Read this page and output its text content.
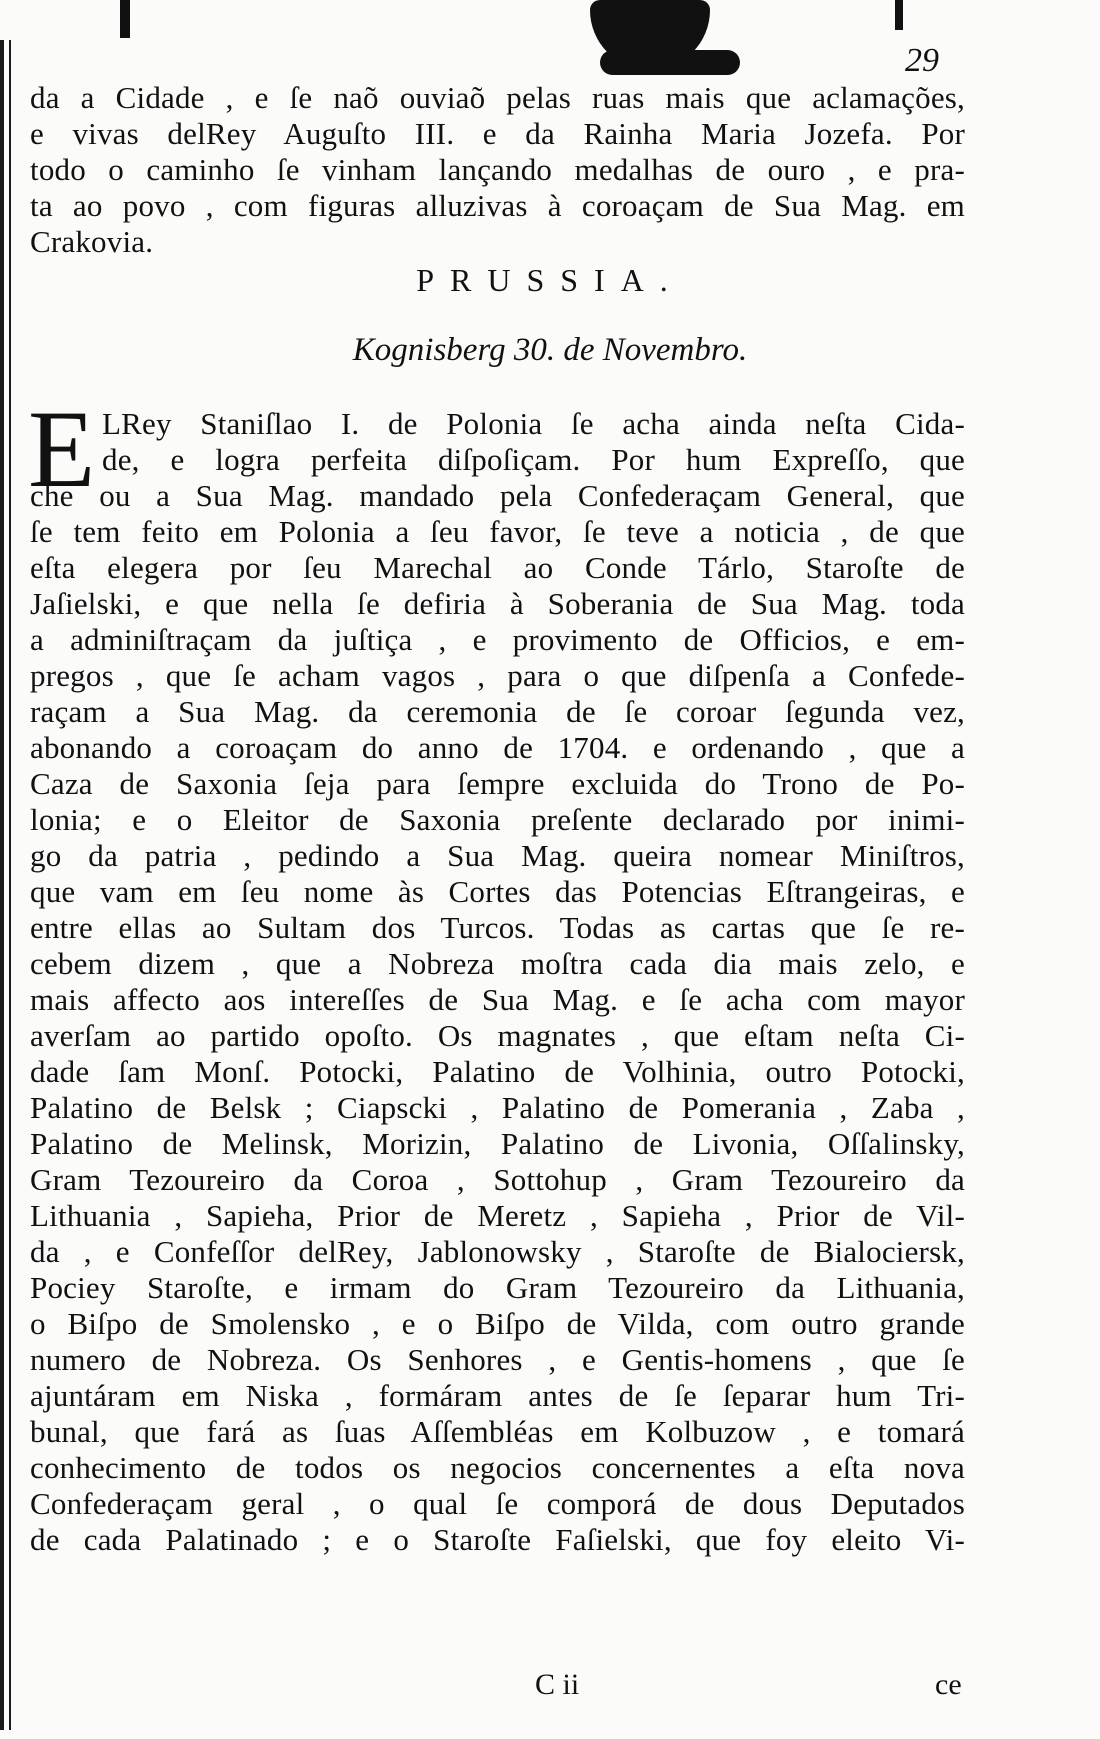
29
da a Cidade , e ſe naõ ouviaõ pelas ruas mais que aclamações,
e vivas delRey Auguſto III. e da Rainha Maria Jozefa. Por
todo o caminho ſe vinham lançando medalhas de ouro , e pra-
ta ao povo , com figuras alluzivas à coroaçam de Sua Mag. em
Crakovia.
PRUSSIA.
Kognisberg 30. de Novembro.
E LRey Staniſlao I. de Polonia ſe acha ainda neſta Cida-
de, e logra perfeita diſpoſiçam. Por hum Expreſſo, que
che ou a Sua Mag. mandado pela Confederaçam General, que
ſe tem feito em Polonia a ſeu favor, ſe teve a noticia , de que
eſta elegera por ſeu Marechal ao Conde Tárlo, Staroſte de
Jaſielski, e que nella ſe defiria à Soberania de Sua Mag. toda
a adminiſtraçam da juſtiça , e provimento de Officios, e em-
pregos , que ſe acham vagos , para o que diſpenſa a Confede-
raçam a Sua Mag. da ceremonia de ſe coroar ſegunda vez,
abonando a coroaçam do anno de 1704. e ordenando , que a
Caza de Saxonia ſeja para ſempre excluida do Trono de Po-
lonia; e o Eleitor de Saxonia preſente declarado por inimi-
go da patria , pedindo a Sua Mag. queira nomear Miniſtros,
que vam em ſeu nome às Cortes das Potencias Eſtrangeiras, e
entre ellas ao Sultam dos Turcos. Todas as cartas que ſe re-
cebem dizem , que a Nobreza moſtra cada dia mais zelo, e
mais affecto aos intereſſes de Sua Mag. e ſe acha com mayor
averſam ao partido opoſto. Os magnates , que eſtam neſta Ci-
dade ſam Monſ. Potocki, Palatino de Volhinia, outro Potocki,
Palatino de Belsk ; Ciapscki , Palatino de Pomerania , Zaba ,
Palatino de Melinsk, Morizin, Palatino de Livonia, Oſſalinsky,
Gram Tezoureiro da Coroa , Sottohup , Gram Tezoureiro da
Lithuania , Sapieha, Prior de Meretz , Sapieha , Prior de Vil-
da , e Confeſſor delRey, Jablonowsky , Staroſte de Bialociersk,
Pociey Staroſte, e irmam do Gram Tezoureiro da Lithuania,
o Biſpo de Smolensko , e o Biſpo de Vilda, com outro grande
numero de Nobreza. Os Senhores , e Gentis-homens , que ſe
ajuntáram em Niska , formáram antes de ſe ſeparar hum Tri-
bunal, que fará as ſuas Aſſembléas em Kolbuzow , e tomará
conhecimento de todos os negocios concernentes a eſta nova
Confederaçam geral , o qual ſe comporá de dous Deputados
de cada Palatinado ; e o Staroſte Faſielski, que foy eleito Vi-
C ii	ce
